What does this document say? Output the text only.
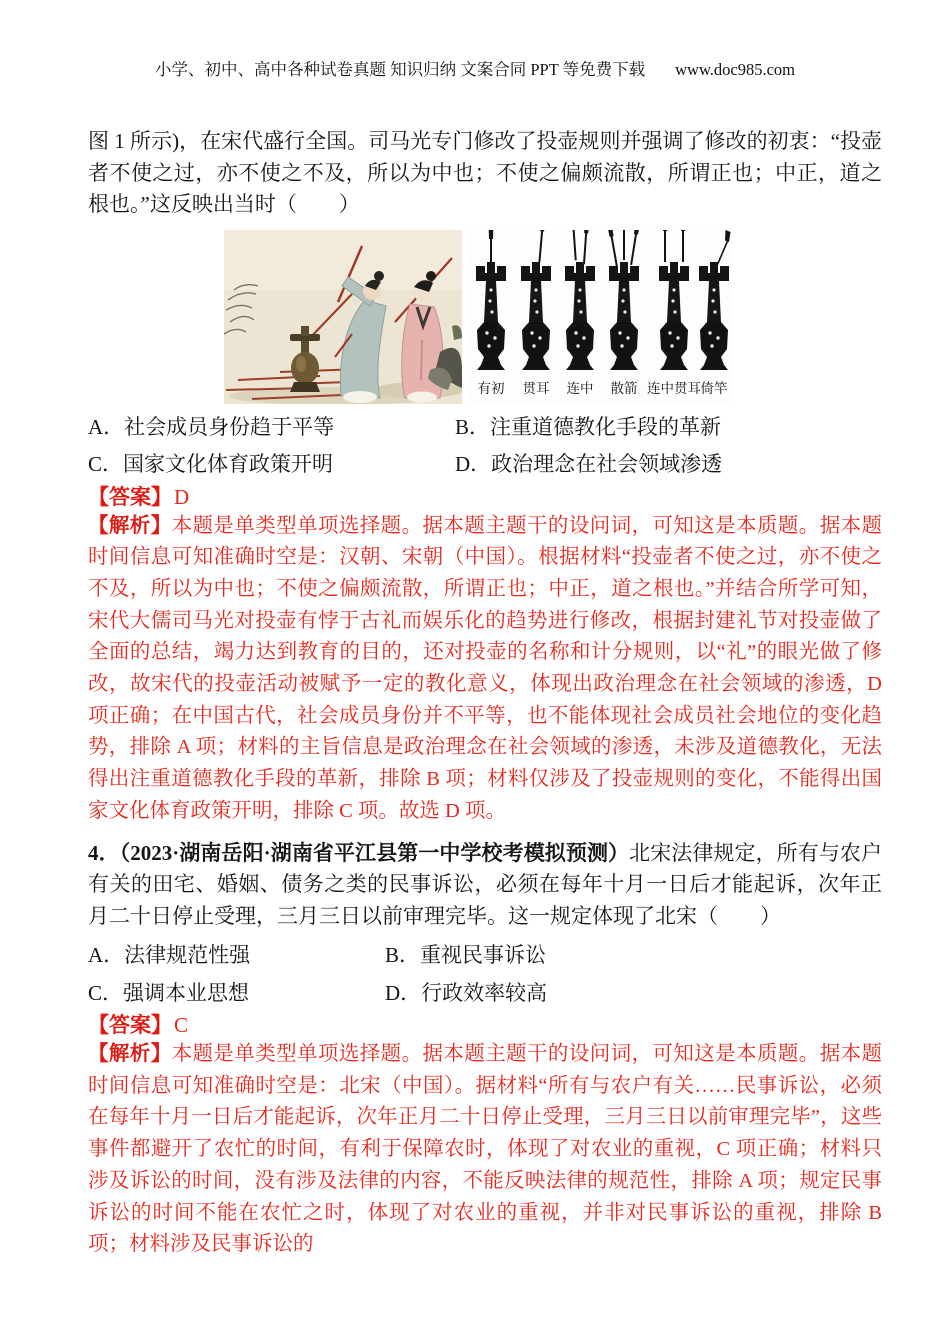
小学、初中、高中各种试卷真题 知识归纳 文案合同 PPT 等免费下载 www.doc985.com

图 1 所示)，在宋代盛行全国。司马光专门修改了投壶规则并强调了修改的初衷：“投壶者不使之过，亦不使之不及，所以为中也；不使之偏颇流散，所谓正也；中正，道之根也。”这反映出当时（　　）

有初 贯耳 连中 散箭 连中贯耳 倚竿
A．社会成员身份趋于平等	B．注重道德教化手段的革新
C．国家文化体育政策开明	D．政治理念在社会领域渗透
【答案】D

【解析】本题是单类型单项选择题。据本题主题干的设问词，可知这是本质题。据本题时间信息可知准确时空是：汉朝、宋朝（中国）。根据材料“投壶者不使之过，亦不使之不及，所以为中也；不使之偏颇流散，所谓正也；中正，道之根也。”并结合所学可知，宋代大儒司马光对投壶有悖于古礼而娱乐化的趋势进行修改，根据封建礼节对投壶做了全面的总结，竭力达到教育的目的，还对投壶的名称和计分规则，以“礼”的眼光做了修改，故宋代的投壶活动被赋予一定的教化意义，体现出政治理念在社会领域的渗透，D 项正确；在中国古代，社会成员身份并不平等，也不能体现社会成员社会地位的变化趋势，排除 A 项；材料的主旨信息是政治理念在社会领域的渗透，未涉及道德教化，无法得出注重道德教化手段的革新，排除 B 项；材料仅涉及了投壶规则的变化，不能得出国家文化体育政策开明，排除 C 项。故选 D 项。

4．（2023·湖南岳阳·湖南省平江县第一中学校考模拟预测）北宋法律规定，所有与农户有关的田宅、婚姻、债务之类的民事诉讼，必须在每年十月一日后才能起诉，次年正月二十日停止受理，三月三日以前审理完毕。这一规定体现了北宋（　　）

A．法律规范性强	B．重视民事诉讼
C．强调本业思想	D．行政效率较高
【答案】C

【解析】本题是单类型单项选择题。据本题主题干的设问词，可知这是本质题。据本题时间信息可知准确时空是：北宋（中国）。据材料“所有与农户有关……民事诉讼，必须在每年十月一日后才能起诉，次年正月二十日停止受理，三月三日以前审理完毕”，这些事件都避开了农忙的时间，有利于保障农时，体现了对农业的重视，C 项正确；材料只涉及诉讼的时间，没有涉及法律的内容，不能反映法律的规范性，排除 A 项；规定民事诉讼的时间不能在农忙之时，体现了对农业的重视，并非对民事诉讼的重视，排除 B 项；材料涉及民事诉讼的
